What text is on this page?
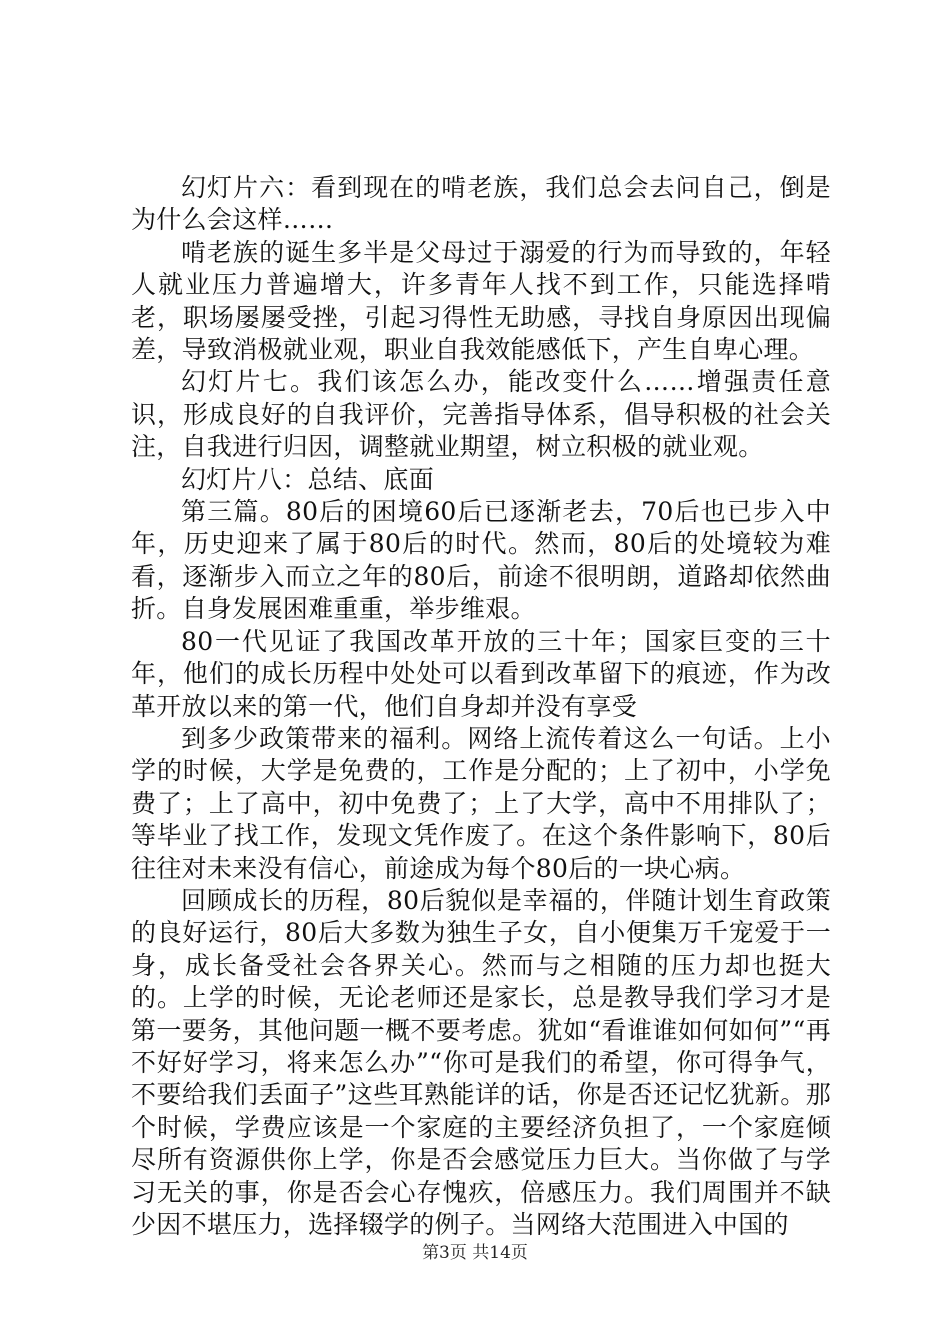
幻灯片六：看到现在的啃老族，我们总会去问自己，倒是为什么会这样……

啃老族的诞生多半是父母过于溺爱的行为而导致的，年轻人就业压力普遍增大，许多青年人找不到工作，只能选择啃老，职场屡屡受挫，引起习得性无助感，寻找自身原因出现偏差，导致消极就业观，职业自我效能感低下，产生自卑心理。

幻灯片七。我们该怎么办，能改变什么……增强责任意识，形成良好的自我评价，完善指导体系，倡导积极的社会关注，自我进行归因，调整就业期望，树立积极的就业观。

幻灯片八：总结、底面

第三篇。80后的困境60后已逐渐老去，70后也已步入中年，历史迎来了属于80后的时代。然而，80后的处境较为难看，逐渐步入而立之年的80后，前途不很明朗，道路却依然曲折。自身发展困难重重，举步维艰。

80一代见证了我国改革开放的三十年；国家巨变的三十年，他们的成长历程中处处可以看到改革留下的痕迹，作为改革开放以来的第一代，他们自身却并没有享受

到多少政策带来的福利。网络上流传着这么一句话。上小学的时候，大学是免费的，工作是分配的；上了初中，小学免费了；上了高中，初中免费了；上了大学，高中不用排队了；等毕业了找工作，发现文凭作废了。在这个条件影响下，80后往往对未来没有信心，前途成为每个80后的一块心病。

回顾成长的历程，80后貌似是幸福的，伴随计划生育政策的良好运行，80后大多数为独生子女，自小便集万千宠爱于一身，成长备受社会各界关心。然而与之相随的压力却也挺大的。上学的时候，无论老师还是家长，总是教导我们学习才是第一要务，其他问题一概不要考虑。犹如“看谁谁如何如何”“再不好好学习，将来怎么办”“你可是我们的希望，你可得争气，不要给我们丢面子”这些耳熟能详的话，你是否还记忆犹新。那个时候，学费应该是一个家庭的主要经济负担了，一个家庭倾尽所有资源供你上学，你是否会感觉压力巨大。当你做了与学习无关的事，你是否会心存愧疚，倍感压力。我们周围并不缺少因不堪压力，选择辍学的例子。当网络大范围进入中国的

第3页 共14页
